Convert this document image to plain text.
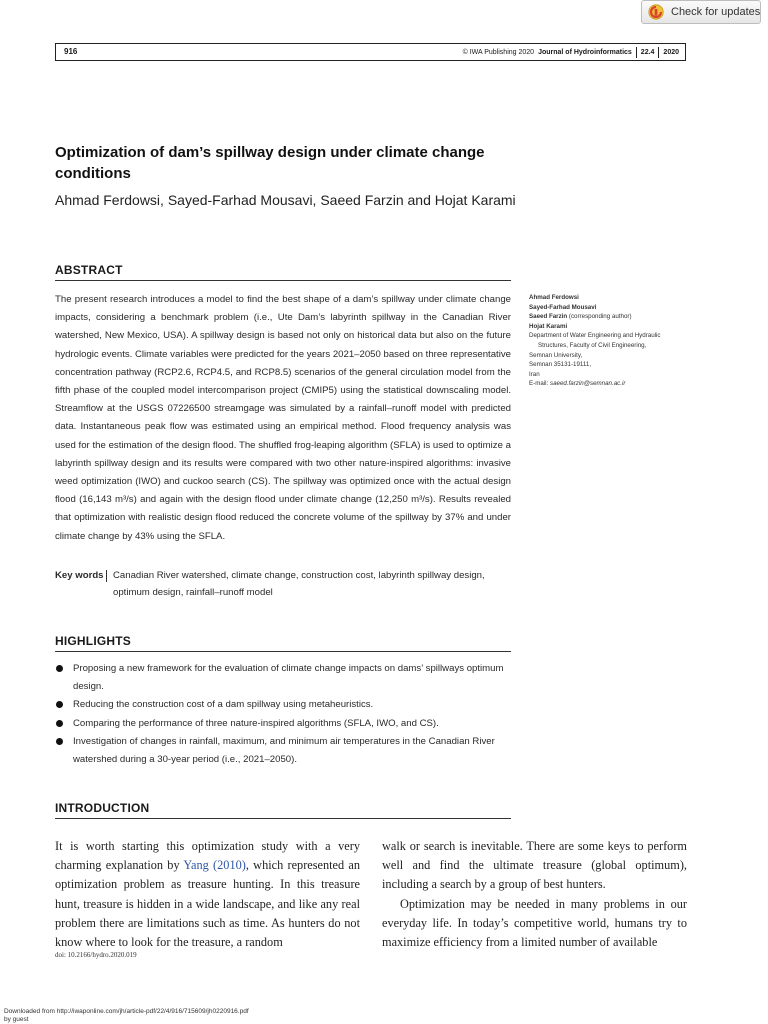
Check for updates
916	© IWA Publishing 2020 Journal of Hydroinformatics 22.4 2020
Optimization of dam’s spillway design under climate change conditions
Ahmad Ferdowsi, Sayed-Farhad Mousavi, Saeed Farzin and Hojat Karami
ABSTRACT
The present research introduces a model to find the best shape of a dam’s spillway under climate change impacts, considering a benchmark problem (i.e., Ute Dam’s labyrinth spillway in the Canadian River watershed, New Mexico, USA). A spillway design is based not only on historical data but also on the future hydrologic events. Climate variables were predicted for the years 2021–2050 based on three representative concentration pathway (RCP2.6, RCP4.5, and RCP8.5) scenarios of the general circulation model from the fifth phase of the coupled model intercomparison project (CMIP5) using the statistical downscaling model. Streamflow at the USGS 07226500 streamgage was simulated by a rainfall–runoff model with predicted data. Instantaneous peak flow was estimated using an empirical method. Flood frequency analysis was used for the estimation of the design flood. The shuffled frog-leaping algorithm (SFLA) is used to optimize a labyrinth spillway design and its results were compared with two other nature-inspired algorithms: invasive weed optimization (IWO) and cuckoo search (CS). The spillway was optimized once with the actual design flood (16,143 m³/s) and again with the design flood under climate change (12,250 m³/s). Results revealed that optimization with realistic design flood reduced the concrete volume of the spillway by 37% and under climate change by 43% using the SFLA.
Key words Canadian River watershed, climate change, construction cost, labyrinth spillway design, optimum design, rainfall–runoff model
Ahmad Ferdowsi
Sayed-Farhad Mousavi
Saeed Farzin (corresponding author)
Hojat Karami
Department of Water Engineering and Hydraulic
Structures, Faculty of Civil Engineering,
Semnan University,
Semnan 35131-19111,
Iran
E-mail: saeed.farzin@semnan.ac.ir
HIGHLIGHTS
Proposing a new framework for the evaluation of climate change impacts on dams’ spillways optimum design.
Reducing the construction cost of a dam spillway using metaheuristics.
Comparing the performance of three nature-inspired algorithms (SFLA, IWO, and CS).
Investigation of changes in rainfall, maximum, and minimum air temperatures in the Canadian River watershed during a 30-year period (i.e., 2021–2050).
INTRODUCTION

It is worth starting this optimization study with a very charming explanation by Yang (2010), which represented an optimization problem as treasure hunting. In this treasure hunt, treasure is hidden in a wide landscape, and like any real problem there are limitations such as time. As hunters do not know where to look for the treasure, a random

walk or search is inevitable. There are some keys to perform well and find the ultimate treasure (global optimum), including a search by a group of best hunters.

Optimization may be needed in many problems in our everyday life. In today’s competitive world, humans try to maximize efficiency from a limited number of available

doi: 10.2166/hydro.2020.019
Downloaded from http://iwaponline.com/jh/article-pdf/22/4/916/715609/jh0220916.pdf
by guest
